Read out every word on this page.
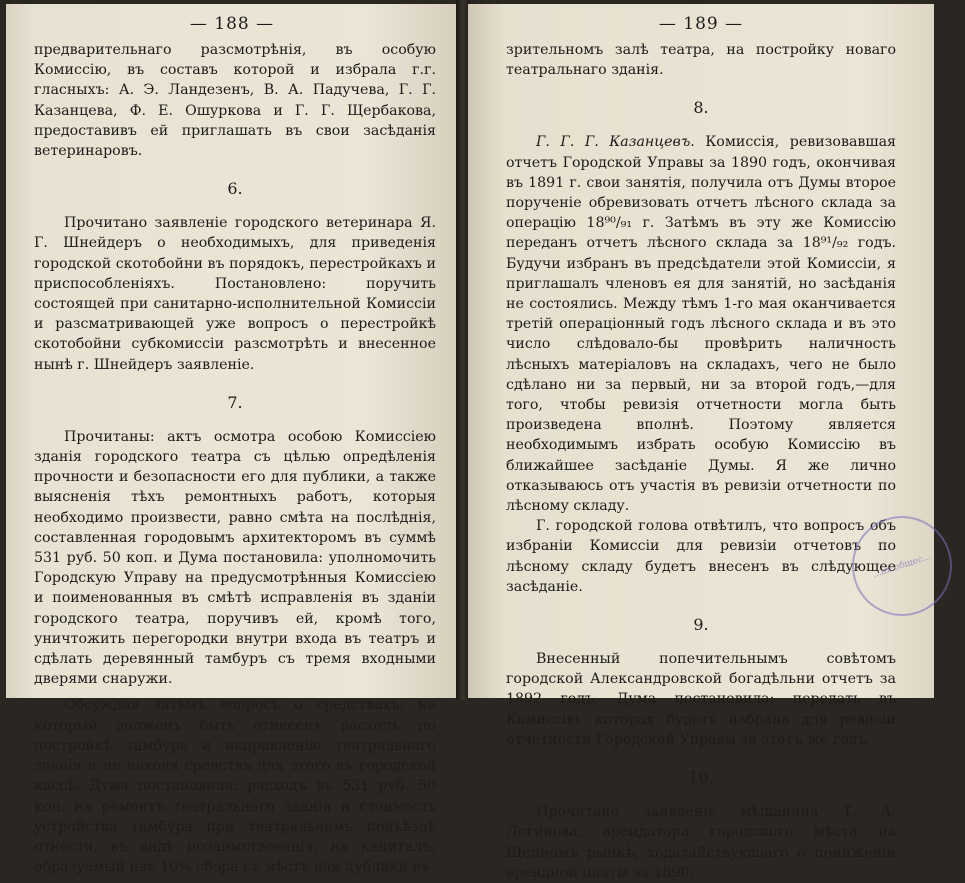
— 188 —

предварительнаго разсмотрѣнія, въ особую Комиссію, въ составъ которой и избрала г.г. гласныхъ: А. Э. Ландезенъ, В. А. Падучева, Г. Г. Казанцева, Ф. Е. Ошуркова и Г. Г. Щербакова, предоставивъ ей приглашать въ свои засѣданія ветеринаровъ.

6.

Прочитано заявленіе городского ветеринара Я. Г. Шнейдеръ о необходимыхъ, для приведенія городской скотобойни въ порядокъ, перестройкахъ и приспособленіяхъ. Постановлено: поручить состоящей при санитарно-исполнительной Комиссіи и разсматривающей уже вопросъ о перестройкѣ скотобойни субкомиссіи разсмотрѣть и внесенное нынѣ г. Шнейдеръ заявленіе.

7.

Прочитаны: актъ осмотра особою Комиссіею зданія городского театра съ цѣлью опредѣленія прочности и безопасности его для публики, а также выясненія тѣхъ ремонтныхъ работъ, которыя необходимо произвести, равно смѣта на послѣднія, составленная городовымъ архитекторомъ въ суммѣ 531 руб. 50 коп. и Дума постановила: уполномочить Городскую Управу на предусмотрѣнныя Комиссіею и поименованныя въ смѣтѣ исправленія въ зданіи городского театра, поручивъ ей, кромѣ того, уничтожить перегородки внутри входа въ театръ и сдѣлать деревянный тамбуръ съ тремя входными дверями снаружи.

Обсуждая затѣмъ вопросъ о средствахъ, на который долженъ быть отнесенъ расходъ по постройкѣ тамбура и исправленію театральнаго зданія и не находя средствъ для этого въ городской кассѣ, Дума постановила: расходъ въ 531 руб. 50 коп. на ремонтъ театральнаго зданія и стоимость устройства тамбура при театральномъ подъѣздѣ отнести, въ видѣ позаимствованія, на капиталъ, образуемый изъ 10% сбора съ мѣстъ для публики въ

— 189 —

зрительномъ залѣ театра, на постройку новаго театральнаго зданія.

8.

Г. Г. Г. Казанцевъ. Комиссія, ревизовавшая отчетъ Городской Управы за 1890 годъ, окончивая въ 1891 г. свои занятія, получила отъ Думы второе порученіе обревизовать отчетъ лѣсного склада за операцію 18⁹⁰/₉₁ г. Затѣмъ въ эту же Комиссію переданъ отчетъ лѣсного склада за 18⁹¹/₉₂ годъ. Будучи избранъ въ предсѣдатели этой Комиссіи, я приглашалъ членовъ ея для занятій, но засѣданія не состоялись. Между тѣмъ 1-го мая оканчивается третій операціонный годъ лѣсного склада и въ это число слѣдовало-бы провѣрить наличность лѣсныхъ матеріаловъ на складахъ, чего не было сдѣлано ни за первый, ни за второй годъ,—для того, чтобы ревизія отчетности могла быть произведена вполнѣ. Поэтому является необходимымъ избрать особую Комиссію въ ближайшее засѣданіе Думы. Я же лично отказываюсь отъ участія въ ревизіи отчетности по лѣсному складу.

Г. городской голова отвѣтилъ, что вопросъ объ избраніи Комиссіи для ревизіи отчетовъ по лѣсному складу будетъ внесенъ въ слѣдующее засѣданіе.

9.

Внесенный попечительнымъ совѣтомъ городской Александровской богадѣльни отчетъ за 1892 годъ, Дума постановила: передать въ Комиссію, которая будетъ избрана для ревизіи отчетности Городской Управы за этотъ же годъ.

10.

Прочитано заявленіе мѣщанина Т. А. Логинова, арендатора городского мѣста на Щепномъ рынкѣ, ходатайствующаго о пониженіи арендной платы за 1890,

...ая общес...
